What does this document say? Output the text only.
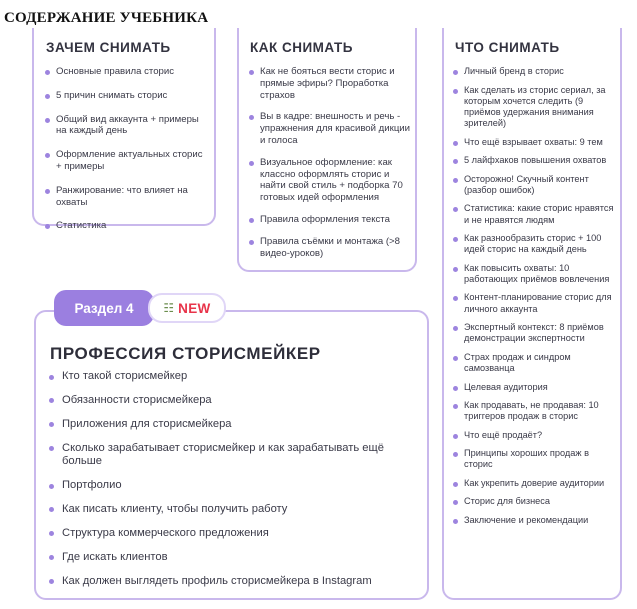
СОДЕРЖАНИЕ УЧЕБНИКА
ЗАЧЕМ СНИМАТЬ
Основные правила сторис
5 причин снимать сторис
Общий вид аккаунта + примеры на каждый день
Оформление актуальных сторис + примеры
Ранжирование: что влияет на охваты
Статистика
КАК СНИМАТЬ
Как не бояться вести сторис и прямые эфиры? Проработка страхов
Вы в кадре: внешность и речь - упражнения для красивой дикции и голоса
Визуальное оформление: как классно оформлять сторис и найти свой стиль + подборка 70 готовых идей оформления
Правила оформления текста
Правила съёмки и монтажа (>8 видео-уроков)
ЧТО СНИМАТЬ
Личный бренд в сторис
Как сделать из сторис сериал, за которым хочется следить (9 приёмов удержания внимания зрителей)
Что ещё взрывает охваты: 9 тем
5 лайфхаков повышения охватов
Осторожно! Скучный контент (разбор ошибок)
Статистика: какие сторис нравятся и не нравятся людям
Как разнообразить сторис + 100 идей сторис на каждый день
Как повысить охваты: 10 работающих приёмов вовлечения
Контент-планирование сторис для личного аккаунта
Экспертный контекст: 8 приёмов демонстрации экспертности
Страх продаж и синдром самозванца
Целевая аудитория
Как продавать, не продавая: 10 триггеров продаж в сторис
Что ещё продаёт?
Принципы хороших продаж в сторис
Как укрепить доверие аудитории
Сторис для бизнеса
Заключение и рекомендации
ПРОФЕССИЯ СТОРИСМЕЙКЕР
Кто такой сторисмейкер
Обязанности сторисмейкера
Приложения для сторисмейкера
Сколько зарабатывает сторисмейкер и как зарабатывать ещё больше
Портфолио
Как писать клиенту, чтобы получить работу
Структура коммерческого предложения
Где искать клиентов
Как должен выглядеть профиль сторисмейкера в Instagram
Раздел 4 ☷ NEW
